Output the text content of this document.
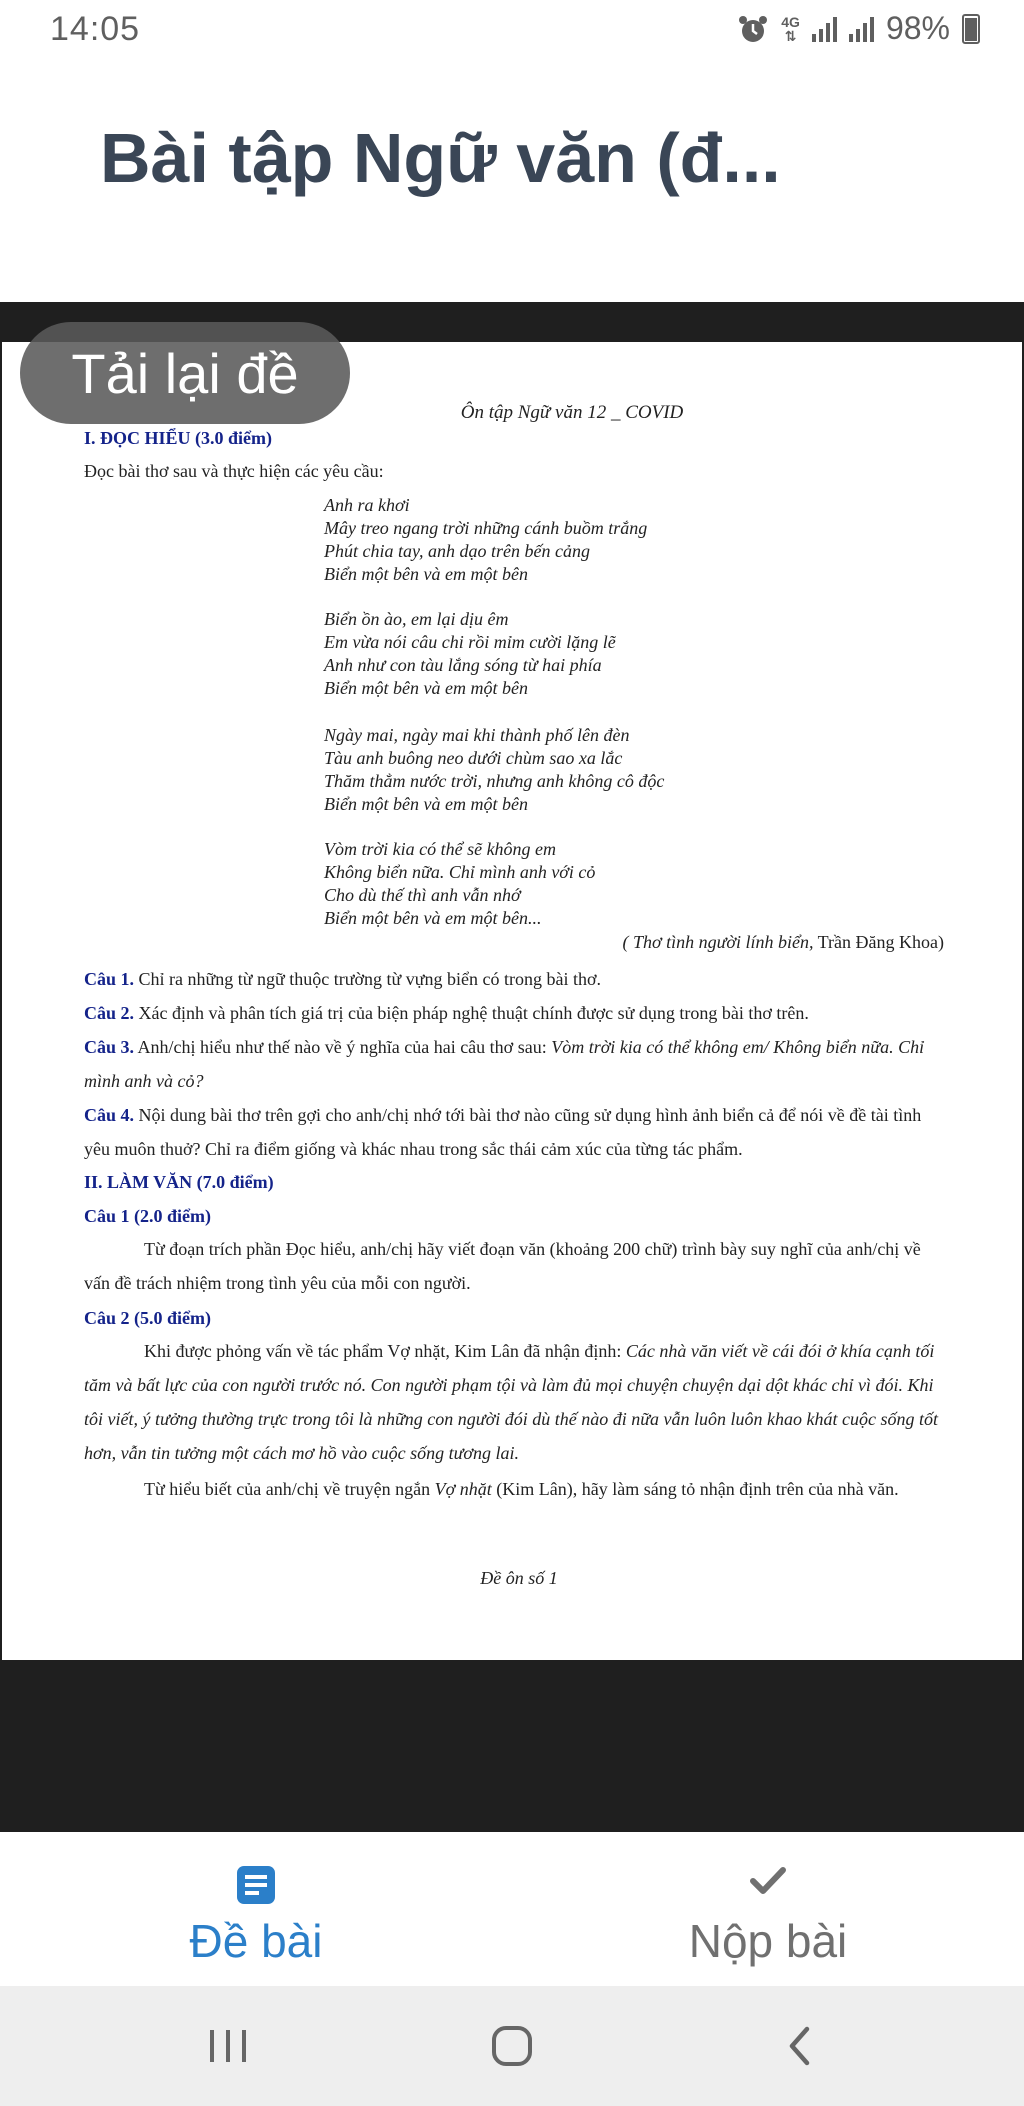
14:05	4G
⇅	98%
Bài tập Ngữ văn (đ...
Ôn tập Ngữ văn 12 _ COVID
I. ĐỌC HIỂU (3.0 điểm)
Đọc bài thơ sau và thực hiện các yêu cầu:
Anh ra khơi
Mây treo ngang trời những cánh buồm trắng
Phút chia tay, anh dạo trên bến cảng
Biển một bên và em một bên
Biển ồn ào, em lại dịu êm
Em vừa nói câu chi rồi mỉm cười lặng lẽ
Anh như con tàu lắng sóng từ hai phía
Biển một bên và em một bên
Ngày mai, ngày mai khi thành phố lên đèn
Tàu anh buông neo dưới chùm sao xa lắc
Thăm thẳm nước trời, nhưng anh không cô độc
Biển một bên và em một bên
Vòm trời kia có thể sẽ không em
Không biển nữa. Chỉ mình anh với cỏ
Cho dù thế thì anh vẫn nhớ
Biển một bên và em một bên...
( Thơ tình người lính biển, Trần Đăng Khoa)
Câu 1. Chỉ ra những từ ngữ thuộc trường từ vựng biển có trong bài thơ.
Câu 2. Xác định và phân tích giá trị của biện pháp nghệ thuật chính được sử dụng trong bài thơ trên.
Câu 3. Anh/chị hiểu như thế nào về ý nghĩa của hai câu thơ sau: Vòm trời kia có thể không em/ Không biển nữa. Chỉ mình anh và cỏ?
Câu 4. Nội dung bài thơ trên gợi cho anh/chị nhớ tới bài thơ nào cũng sử dụng hình ảnh biển cả để nói về đề tài tình yêu muôn thuở? Chỉ ra điểm giống và khác nhau trong sắc thái cảm xúc của từng tác phẩm.
II. LÀM VĂN (7.0 điểm)
Câu 1 (2.0 điểm)
Từ đoạn trích phần Đọc hiểu, anh/chị hãy viết đoạn văn (khoảng 200 chữ) trình bày suy nghĩ của anh/chị về vấn đề trách nhiệm trong tình yêu của mỗi con người.
Câu 2 (5.0 điểm)
Khi được phỏng vấn về tác phẩm Vợ nhặt, Kim Lân đã nhận định: Các nhà văn viết về cái đói ở khía cạnh tối tăm và bất lực của con người trước nó. Con người phạm tội và làm đủ mọi chuyện chuyện dại dột khác chỉ vì đói. Khi tôi viết, ý tưởng thường trực trong tôi là những con người đói dù thế nào đi nữa vẫn luôn luôn khao khát cuộc sống tốt hơn, vẫn tin tưởng một cách mơ hồ vào cuộc sống tương lai.
Từ hiểu biết của anh/chị về truyện ngắn Vợ nhặt (Kim Lân), hãy làm sáng tỏ nhận định trên của nhà văn.
Đề ôn số 1
Tải lại đề
Đề bài	Nộp bài
